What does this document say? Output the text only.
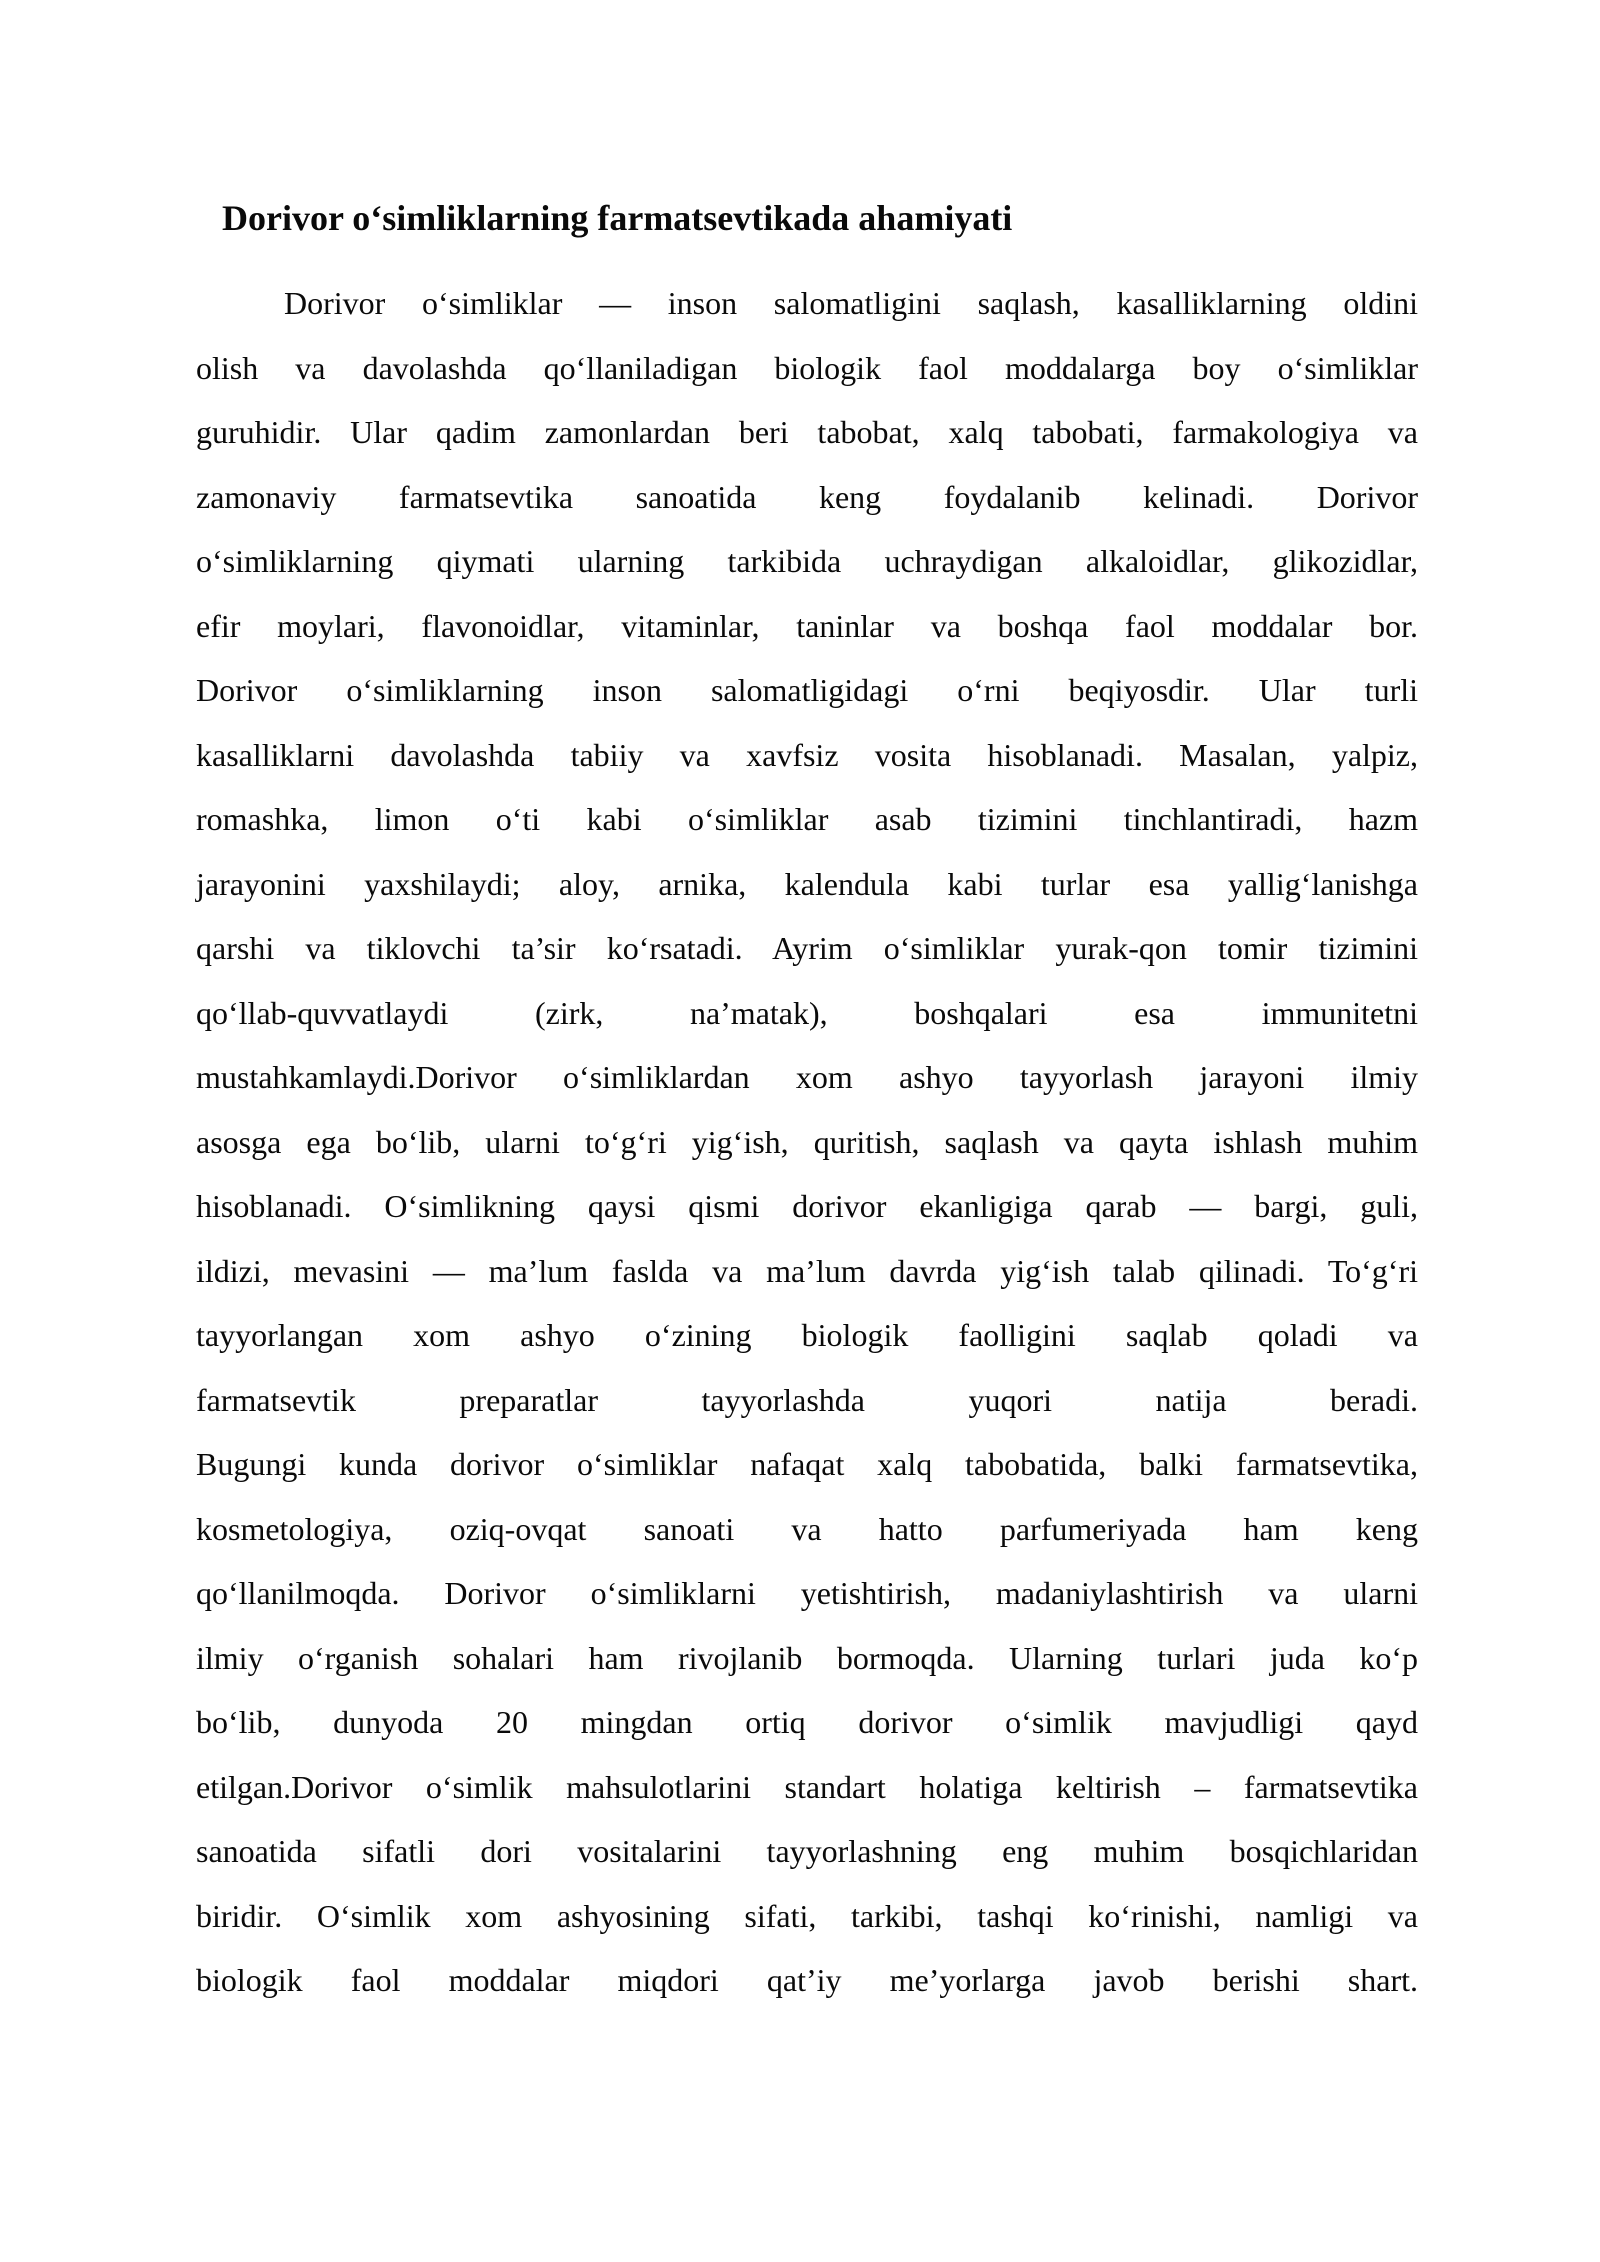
Dorivor o‘simliklarning farmatsevtikada ahamiyati
Dorivor o‘simliklar — inson salomatligini saqlash, kasalliklarning oldini
olish va davolashda qo‘llaniladigan biologik faol moddalarga boy o‘simliklar
guruhidir. Ular qadim zamonlardan beri tabobat, xalq tabobati, farmakologiya va
zamonaviy farmatsevtika sanoatida keng foydalanib kelinadi. Dorivor
o‘simliklarning qiymati ularning tarkibida uchraydigan alkaloidlar, glikozidlar,
efir moylari, flavonoidlar, vitaminlar, taninlar va boshqa faol moddalar bor.
Dorivor o‘simliklarning inson salomatligidagi o‘rni beqiyosdir. Ular turli
kasalliklarni davolashda tabiiy va xavfsiz vosita hisoblanadi. Masalan, yalpiz,
romashka, limon o‘ti kabi o‘simliklar asab tizimini tinchlantiradi, hazm
jarayonini yaxshilaydi; aloy, arnika, kalendula kabi turlar esa yallig‘lanishga
qarshi va tiklovchi ta’sir ko‘rsatadi. Ayrim o‘simliklar yurak-qon tomir tizimini
qo‘llab-quvvatlaydi (zirk, na’matak), boshqalari esa immunitetni
mustahkamlaydi.Dorivor o‘simliklardan xom ashyo tayyorlash jarayoni ilmiy
asosga ega bo‘lib, ularni to‘g‘ri yig‘ish, quritish, saqlash va qayta ishlash muhim
hisoblanadi. O‘simlikning qaysi qismi dorivor ekanligiga qarab — bargi, guli,
ildizi, mevasini — ma’lum faslda va ma’lum davrda yig‘ish talab qilinadi. To‘g‘ri
tayyorlangan xom ashyo o‘zining biologik faolligini saqlab qoladi va
farmatsevtik preparatlar tayyorlashda yuqori natija beradi.
Bugungi kunda dorivor o‘simliklar nafaqat xalq tabobatida, balki farmatsevtika,
kosmetologiya, oziq-ovqat sanoati va hatto parfumeriyada ham keng
qo‘llanilmoqda. Dorivor o‘simliklarni yetishtirish, madaniylashtirish va ularni
ilmiy o‘rganish sohalari ham rivojlanib bormoqda. Ularning turlari juda ko‘p
bo‘lib, dunyoda 20 mingdan ortiq dorivor o‘simlik mavjudligi qayd
etilgan.Dorivor o‘simlik mahsulotlarini standart holatiga keltirish – farmatsevtika
sanoatida sifatli dori vositalarini tayyorlashning eng muhim bosqichlaridan
biridir. O‘simlik xom ashyosining sifati, tarkibi, tashqi ko‘rinishi, namligi va
biologik faol moddalar miqdori qat’iy me’yorlarga javob berishi shart.
